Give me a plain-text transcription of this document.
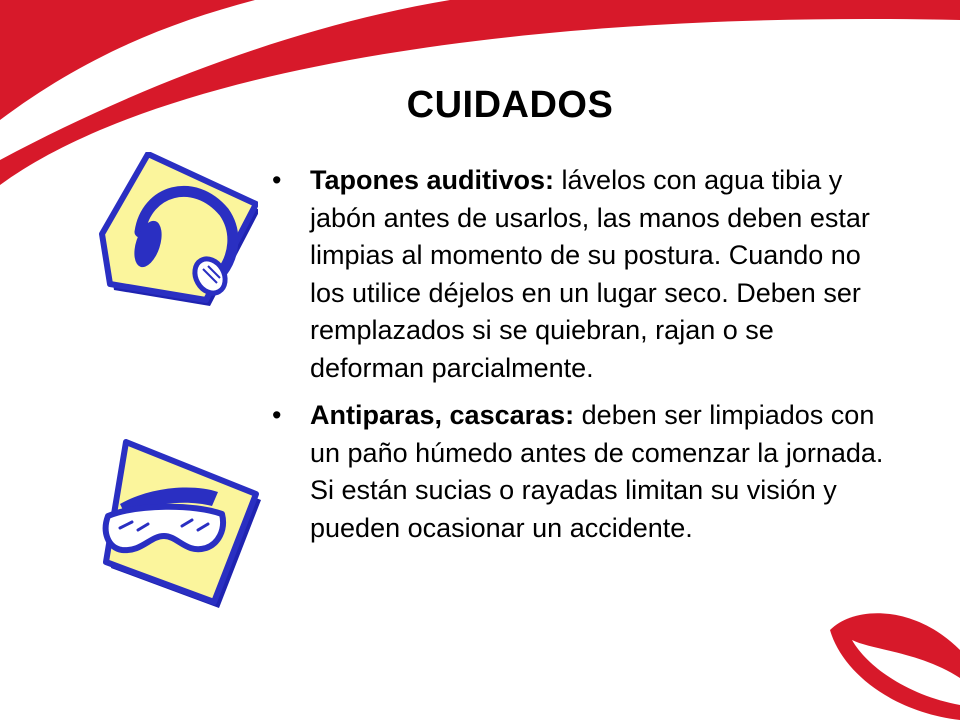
CUIDADOS
• Tapones auditivos: lávelos con agua tibia y jabón antes de usarlos, las manos deben estar limpias al momento de su postura. Cuando no los utilice déjelos en un lugar seco. Deben ser remplazados si se quiebran, rajan o se deforman parcialmente.
• Antiparas, cascaras: deben ser limpiados con un paño húmedo antes de comenzar la jornada. Si están sucias o rayadas limitan su visión y pueden ocasionar un accidente.
